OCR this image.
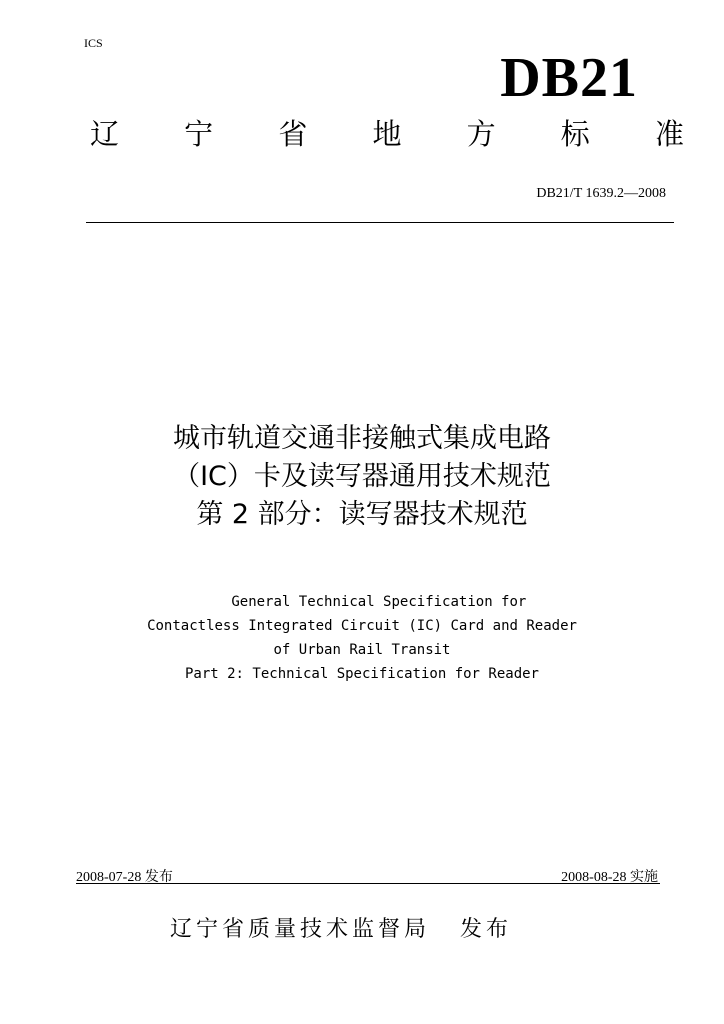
ICS
DB21
辽 宁 省 地 方 标 准
DB21/T 1639.2—2008
城市轨道交通非接触式集成电路
（IC）卡及读写器通用技术规范
第 2 部分：读写器技术规范
General Technical Specification for
Contactless Integrated Circuit (IC) Card and Reader
of Urban Rail Transit
Part 2: Technical Specification for Reader
2008-07-28 发布	2008-08-28 实施
辽宁省质量技术监督局 发布
